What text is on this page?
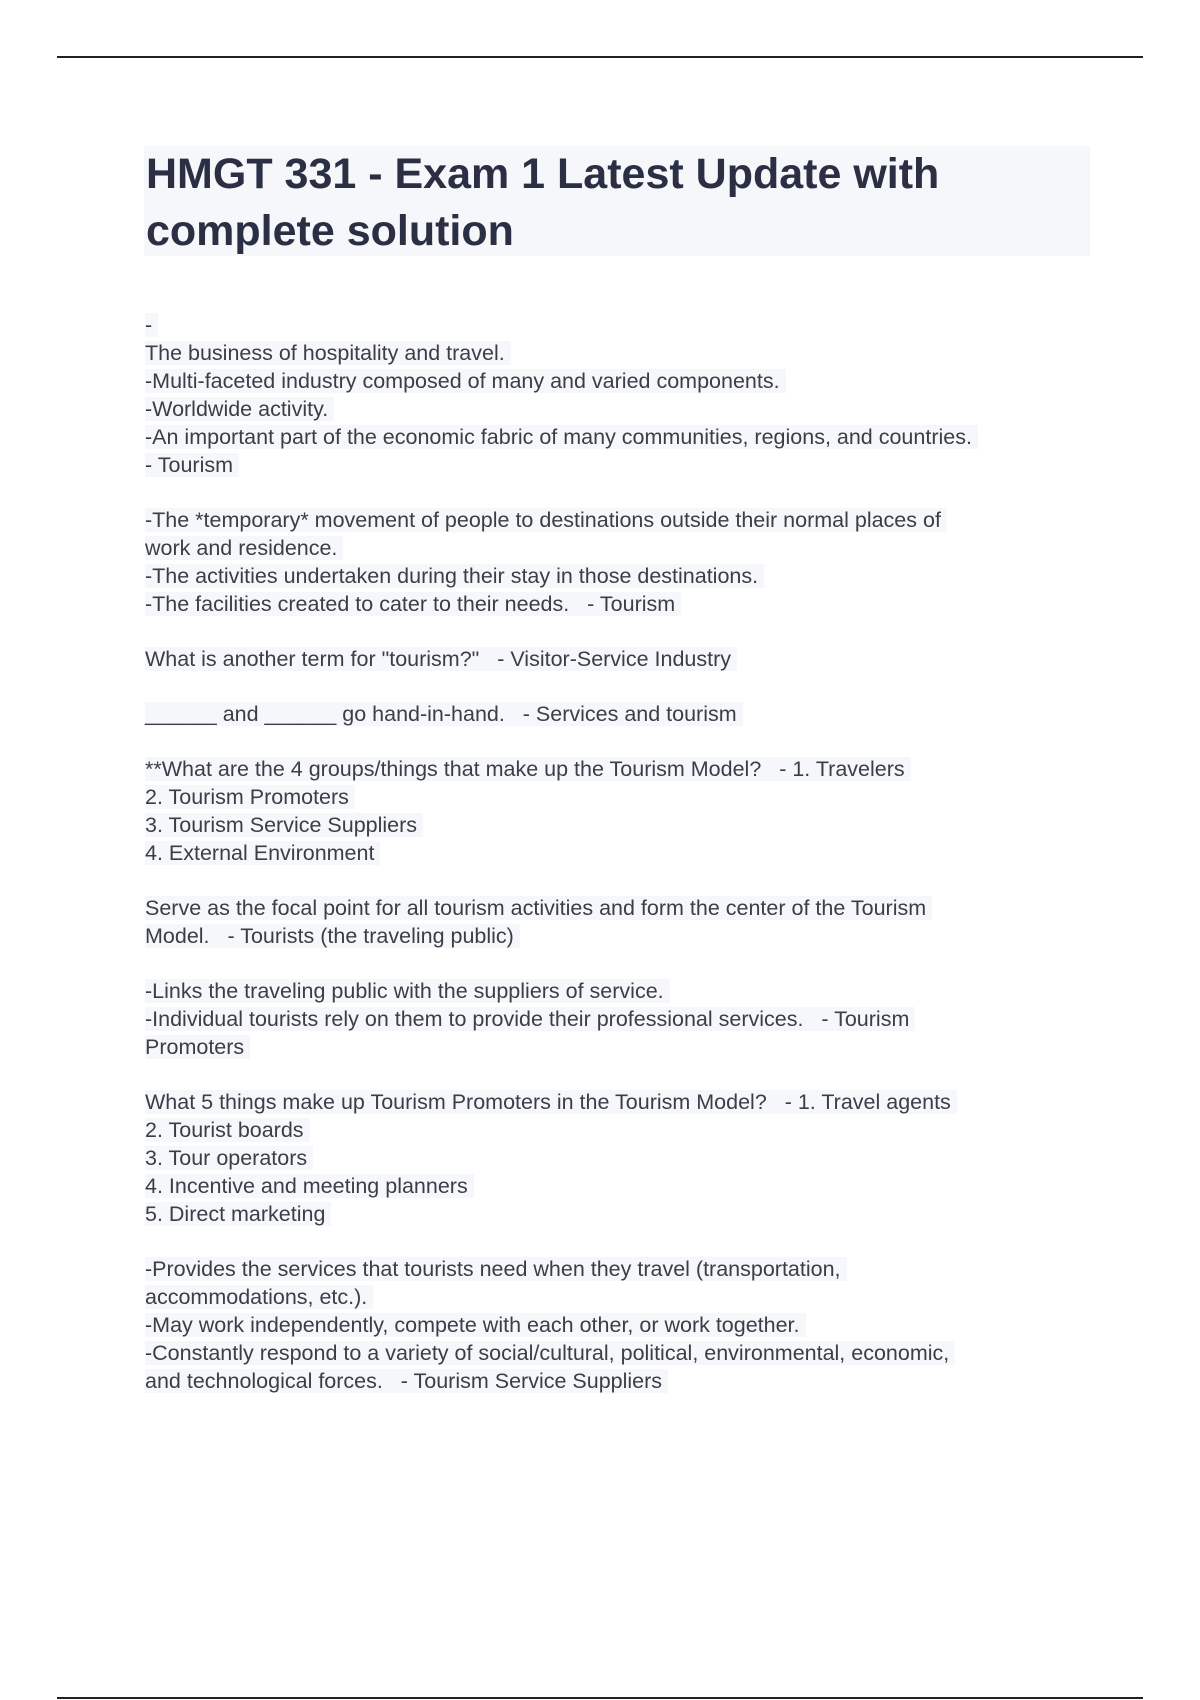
HMGT 331 - Exam 1 Latest Update with
complete solution
-
The business of hospitality and travel.
-Multi-faceted industry composed of many and varied components.
-Worldwide activity.
-An important part of the economic fabric of many communities, regions, and countries.
- Tourism
-The *temporary* movement of people to destinations outside their normal places of
work and residence.
-The activities undertaken during their stay in those destinations.
-The facilities created to cater to their needs.   - Tourism
What is another term for "tourism?"   - Visitor-Service Industry
______ and ______ go hand-in-hand.   - Services and tourism
**What are the 4 groups/things that make up the Tourism Model?   - 1. Travelers
2. Tourism Promoters
3. Tourism Service Suppliers
4. External Environment
Serve as the focal point for all tourism activities and form the center of the Tourism
Model.   - Tourists (the traveling public)
-Links the traveling public with the suppliers of service.
-Individual tourists rely on them to provide their professional services.   - Tourism
Promoters
What 5 things make up Tourism Promoters in the Tourism Model?   - 1. Travel agents
2. Tourist boards
3. Tour operators
4. Incentive and meeting planners
5. Direct marketing
-Provides the services that tourists need when they travel (transportation,
accommodations, etc.).
-May work independently, compete with each other, or work together.
-Constantly respond to a variety of social/cultural, political, environmental, economic,
and technological forces.   - Tourism Service Suppliers
